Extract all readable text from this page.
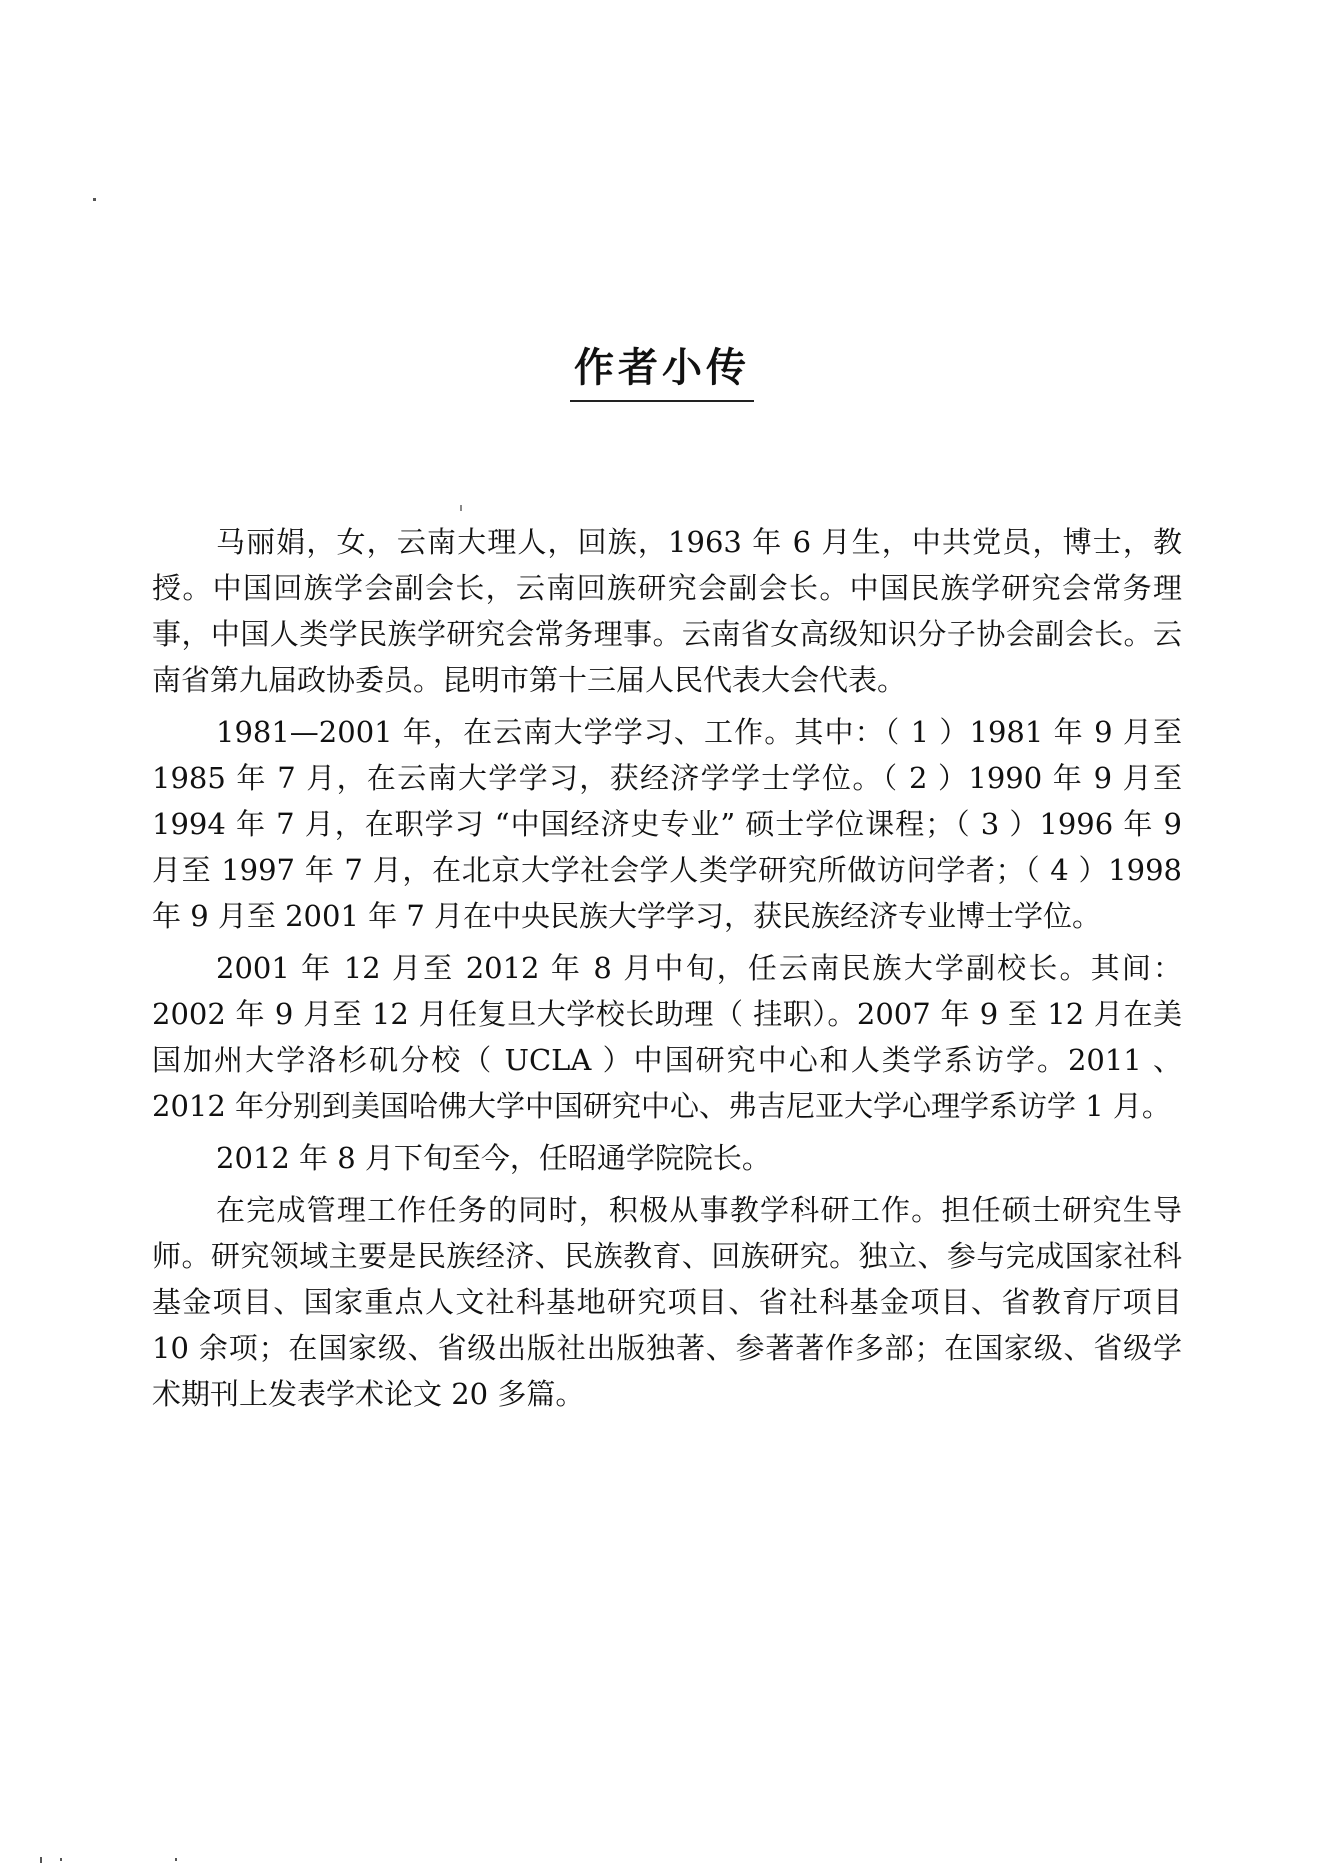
作者小传

马丽娟，女，云南大理人，回族，1963 年 6 月生，中共党员，博士，教授。中国回族学会副会长，云南回族研究会副会长。中国民族学研究会常务理事，中国人类学民族学研究会常务理事。云南省女高级知识分子协会副会长。云南省第九届政协委员。昆明市第十三届人民代表大会代表。

1981—2001 年，在云南大学学习、工作。其中：（ 1 ）1981 年 9 月至 1985 年 7 月，在云南大学学习，获经济学学士学位。（ 2 ）1990 年 9 月至 1994 年 7 月，在职学习 “中国经济史专业” 硕士学位课程；（ 3 ）1996 年 9 月至 1997 年 7 月，在北京大学社会学人类学研究所做访问学者；（ 4 ）1998 年 9 月至 2001 年 7 月在中央民族大学学习，获民族经济专业博士学位。

2001 年 12 月至 2012 年 8 月中旬，任云南民族大学副校长。其间：2002 年 9 月至 12 月任复旦大学校长助理（ 挂职）。2007 年 9 至 12 月在美国加州大学洛杉矶分校（ UCLA ）中国研究中心和人类学系访学。2011 、2012 年分别到美国哈佛大学中国研究中心、弗吉尼亚大学心理学系访学 1 月。

2012 年 8 月下旬至今，任昭通学院院长。

在完成管理工作任务的同时，积极从事教学科研工作。担任硕士研究生导师。研究领域主要是民族经济、民族教育、回族研究。独立、参与完成国家社科基金项目、国家重点人文社科基地研究项目、省社科基金项目、省教育厅项目 10 余项；在国家级、省级出版社出版独著、参著著作多部；在国家级、省级学术期刊上发表学术论文 20 多篇。
